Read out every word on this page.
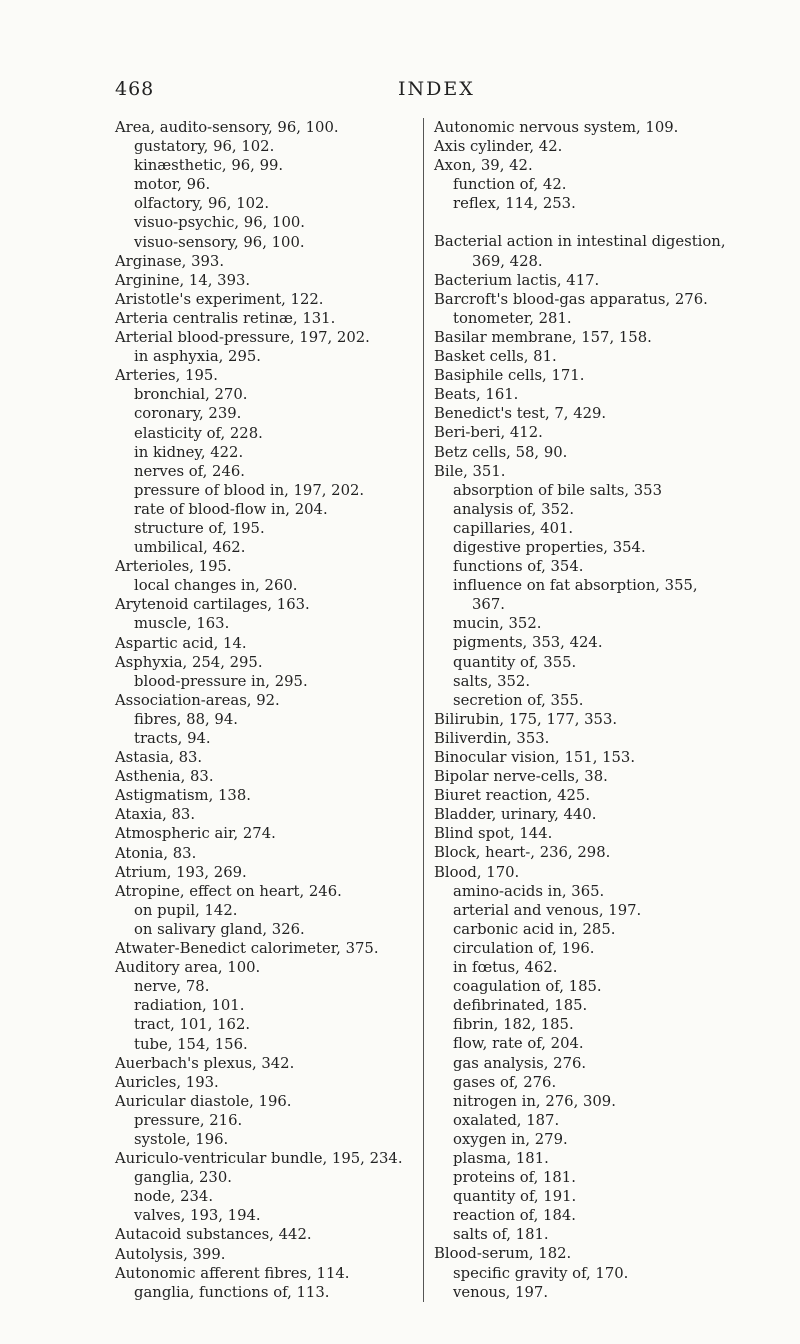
468	INDEX
Area, audito-sensory, 96, 100.
gustatory, 96, 102.
kinæsthetic, 96, 99.
motor, 96.
olfactory, 96, 102.
visuo-psychic, 96, 100.
visuo-sensory, 96, 100.
Arginase, 393.
Arginine, 14, 393.
Aristotle's experiment, 122.
Arteria centralis retinæ, 131.
Arterial blood-pressure, 197, 202.
in asphyxia, 295.
Arteries, 195.
bronchial, 270.
coronary, 239.
elasticity of, 228.
in kidney, 422.
nerves of, 246.
pressure of blood in, 197, 202.
rate of blood-flow in, 204.
structure of, 195.
umbilical, 462.
Arterioles, 195.
local changes in, 260.
Arytenoid cartilages, 163.
muscle, 163.
Aspartic acid, 14.
Asphyxia, 254, 295.
blood-pressure in, 295.
Association-areas, 92.
fibres, 88, 94.
tracts, 94.
Astasia, 83.
Asthenia, 83.
Astigmatism, 138.
Ataxia, 83.
Atmospheric air, 274.
Atonia, 83.
Atrium, 193, 269.
Atropine, effect on heart, 246.
on pupil, 142.
on salivary gland, 326.
Atwater-Benedict calorimeter, 375.
Auditory area, 100.
nerve, 78.
radiation, 101.
tract, 101, 162.
tube, 154, 156.
Auerbach's plexus, 342.
Auricles, 193.
Auricular diastole, 196.
pressure, 216.
systole, 196.
Auriculo-ventricular bundle, 195, 234.
ganglia, 230.
node, 234.
valves, 193, 194.
Autacoid substances, 442.
Autolysis, 399.
Autonomic afferent fibres, 114.
ganglia, functions of, 113.
Autonomic nervous system, 109.
Axis cylinder, 42.
Axon, 39, 42.
function of, 42.
reflex, 114, 253.
Bacterial action in intestinal digestion,
369, 428.
Bacterium lactis, 417.
Barcroft's blood-gas apparatus, 276.
tonometer, 281.
Basilar membrane, 157, 158.
Basket cells, 81.
Basiphile cells, 171.
Beats, 161.
Benedict's test, 7, 429.
Beri-beri, 412.
Betz cells, 58, 90.
Bile, 351.
absorption of bile salts, 353
analysis of, 352.
capillaries, 401.
digestive properties, 354.
functions of, 354.
influence on fat absorption, 355,
367.
mucin, 352.
pigments, 353, 424.
quantity of, 355.
salts, 352.
secretion of, 355.
Bilirubin, 175, 177, 353.
Biliverdin, 353.
Binocular vision, 151, 153.
Bipolar nerve-cells, 38.
Biuret reaction, 425.
Bladder, urinary, 440.
Blind spot, 144.
Block, heart-, 236, 298.
Blood, 170.
amino-acids in, 365.
arterial and venous, 197.
carbonic acid in, 285.
circulation of, 196.
in fœtus, 462.
coagulation of, 185.
defibrinated, 185.
fibrin, 182, 185.
flow, rate of, 204.
gas analysis, 276.
gases of, 276.
nitrogen in, 276, 309.
oxalated, 187.
oxygen in, 279.
plasma, 181.
proteins of, 181.
quantity of, 191.
reaction of, 184.
salts of, 181.
Blood-serum, 182.
specific gravity of, 170.
venous, 197.
